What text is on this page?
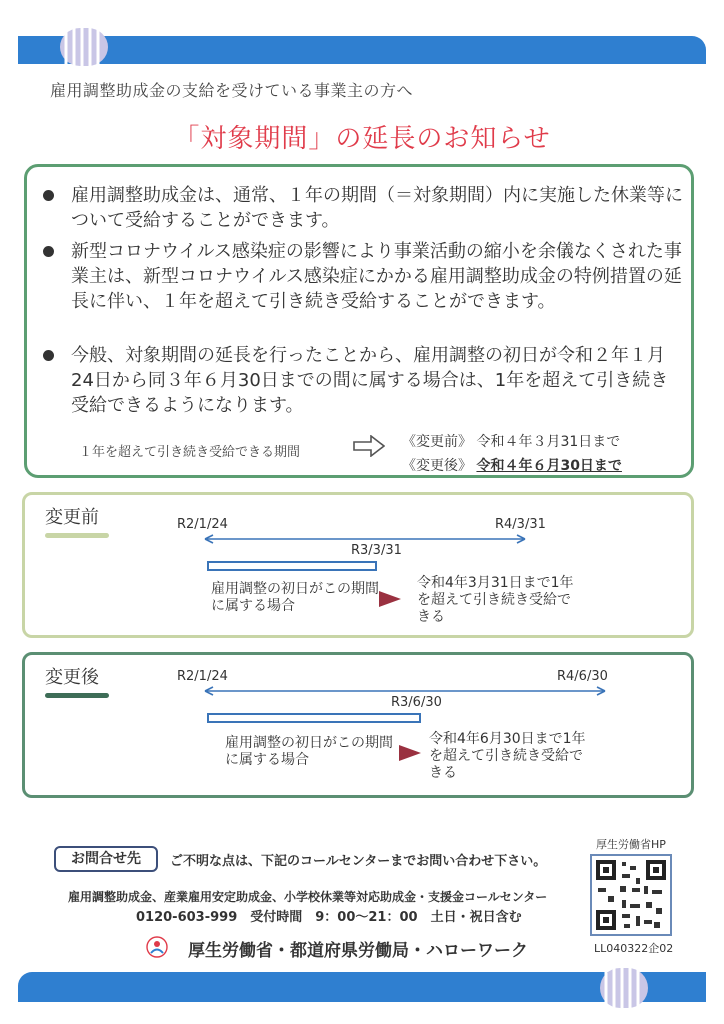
雇用調整助成金の支給を受けている事業主の方へ
「対象期間」の延長のお知らせ
雇用調整助成金は、通常、１年の期間（＝対象期間）内に実施した休業等について受給することができます。
新型コロナウイルス感染症の影響により事業活動の縮小を余儀なくされた事業主は、新型コロナウイルス感染症にかかる雇用調整助成金の特例措置の延長に伴い、１年を超えて引き続き受給することができます。
今般、対象期間の延長を行ったことから、雇用調整の初日が令和２年１月24日から同３年６月30日までの間に属する場合は、1年を超えて引き続き受給できるようになります。
１年を超えて引き続き受給できる期間
《変更前》 令和４年３月31日まで
《変更後》 令和４年６月30日まで
変更前	R2/1/24	R4/3/31
R3/3/31
雇用調整の初日がこの期間に属する場合
令和4年3月31日まで1年を超えて引き続き受給できる
変更後	R2/1/24	R4/6/30
R3/6/30
雇用調整の初日がこの期間に属する場合
令和4年6月30日まで1年を超えて引き続き受給できる
お問合せ先	ご不明な点は、下記のコールセンターまでお問い合わせ下さい。
雇用調整助成金、産業雇用安定助成金、小学校休業等対応助成金・支援金コールセンター
0120-603-999　受付時間　9：00〜21：00　土日・祝日含む
厚生労働省・都道府県労働局・ハローワーク
厚生労働省HP
LL040322企02
